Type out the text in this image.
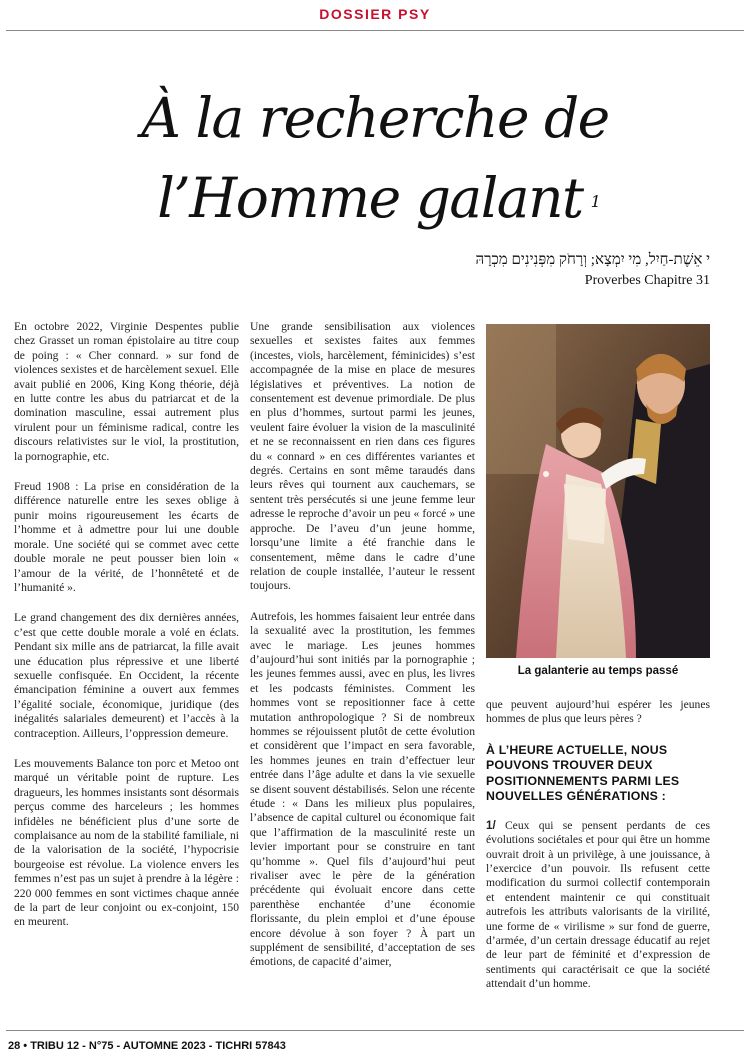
DOSSIER PSY
À la recherche de
l’Homme galant $^1$
י אֵשֶׁת-חַיִל, מִי יִמְצָא; וְרָחֹק מִפְּנִינִים מִכְרָהּ
Proverbes Chapitre 31

En octobre 2022, Virginie Despentes publie chez Grasset un roman épistolaire au titre coup de poing : « Cher connard. » sur fond de violences sexistes et de harcèlement sexuel. Elle avait publié en 2006, King Kong théorie, déjà en lutte contre les abus du patriarcat et de la domination masculine, essai autrement plus virulent pour un féminisme radical, contre les discours relativistes sur le viol, la prostitution, la pornographie, etc.

Freud 1908 : La prise en considération de la différence naturelle entre les sexes oblige à punir moins rigoureusement les écarts de l’homme et à admettre pour lui une double morale. Une société qui se commet avec cette double morale ne peut pousser bien loin « l’amour de la vérité, de l’honnêteté et de l’humanité ».

Le grand changement des dix dernières années, c’est que cette double morale a volé en éclats. Pendant six mille ans de patriarcat, la fille avait une éducation plus répressive et une liberté sexuelle confisquée. En Occident, la récente émancipation féminine a ouvert aux femmes l’égalité sociale, économique, juridique (des inégalités salariales demeurent) et l’accès à la contraception. Ailleurs, l’oppression demeure.

Les mouvements Balance ton porc et Metoo ont marqué un véritable point de rupture. Les dragueurs, les hommes insistants sont désormais perçus comme des harceleurs ; les hommes infidèles ne bénéficient plus d’une sorte de complaisance au nom de la stabilité familiale, ni de la valorisation de la société, l’hypocrisie bourgeoise est révolue. La violence envers les femmes n’est pas un sujet à prendre à la légère : 220 000 femmes en sont victimes chaque année de la part de leur conjoint ou ex-conjoint, 150 en meurent.

Une grande sensibilisation aux violences sexuelles et sexistes faites aux femmes (incestes, viols, harcèlement, féminicides) s’est accompagnée de la mise en place de mesures législatives et préventives. La notion de consentement est devenue primordiale. De plus en plus d’hommes, surtout parmi les jeunes, veulent faire évoluer la vision de la masculinité et ne se reconnaissent en rien dans ces figures du « connard » en ces différentes variantes et degrés. Certains en sont même taraudés dans leurs rêves qui tournent aux cauchemars, se sentent très persécutés si une jeune femme leur adresse le reproche d’avoir un peu « forcé » une approche. De l’aveu d’un jeune homme, lorsqu’une limite a été franchie dans le consentement, même dans le cadre d’une relation de couple installée, l’auteur le ressent toujours.

Autrefois, les hommes faisaient leur entrée dans la sexualité avec la prostitution, les femmes avec le mariage. Les jeunes hommes d’aujourd’hui sont initiés par la pornographie ; les jeunes femmes aussi, avec en plus, les livres et les podcasts féministes. Comment les hommes vont se repositionner face à cette mutation anthropologique ? Si de nombreux hommes se réjouissent plutôt de cette évolution et considèrent que l’impact en sera favorable, les hommes jeunes en train d’effectuer leur entrée dans l’âge adulte et dans la vie sexuelle se disent souvent déstabilisés. Selon une récente étude : « Dans les milieux plus populaires, l’absence de capital culturel ou économique fait que l’affirmation de la masculinité reste un levier important pour se construire en tant qu’homme ». Quel fils d’aujourd’hui peut rivaliser avec le père de la génération précédente qui évoluait encore dans cette parenthèse enchantée d’une économie florissante, du plein emploi et d’une épouse encore dévolue à son foyer ? À part un supplément de sensibilité, d’acceptation de ses émotions, de capacité d’aimer,

La galanterie au temps passé

que peuvent aujourd’hui espérer les jeunes hommes de plus que leurs pères ?

À L’HEURE ACTUELLE, NOUS POUVONS TROUVER DEUX POSITIONNEMENTS PARMI LES NOUVELLES GÉNÉRATIONS :

1/ Ceux qui se pensent perdants de ces évolutions sociétales et pour qui être un homme ouvrait droit à un privilège, à une jouissance, à l’exercice d’un pouvoir. Ils refusent cette modification du surmoi collectif contemporain et entendent maintenir ce qui constituait autrefois les attributs valorisants de la virilité, une forme de « virilisme » sur fond de guerre, d’armée, d’un certain dressage éducatif au rejet de leur part de féminité et d’expression de sentiments qui caractérisait ce que la société attendait d’un homme.

28 • TRIBU 12 - N°75 - AUTOMNE 2023 - TICHRI 57843
